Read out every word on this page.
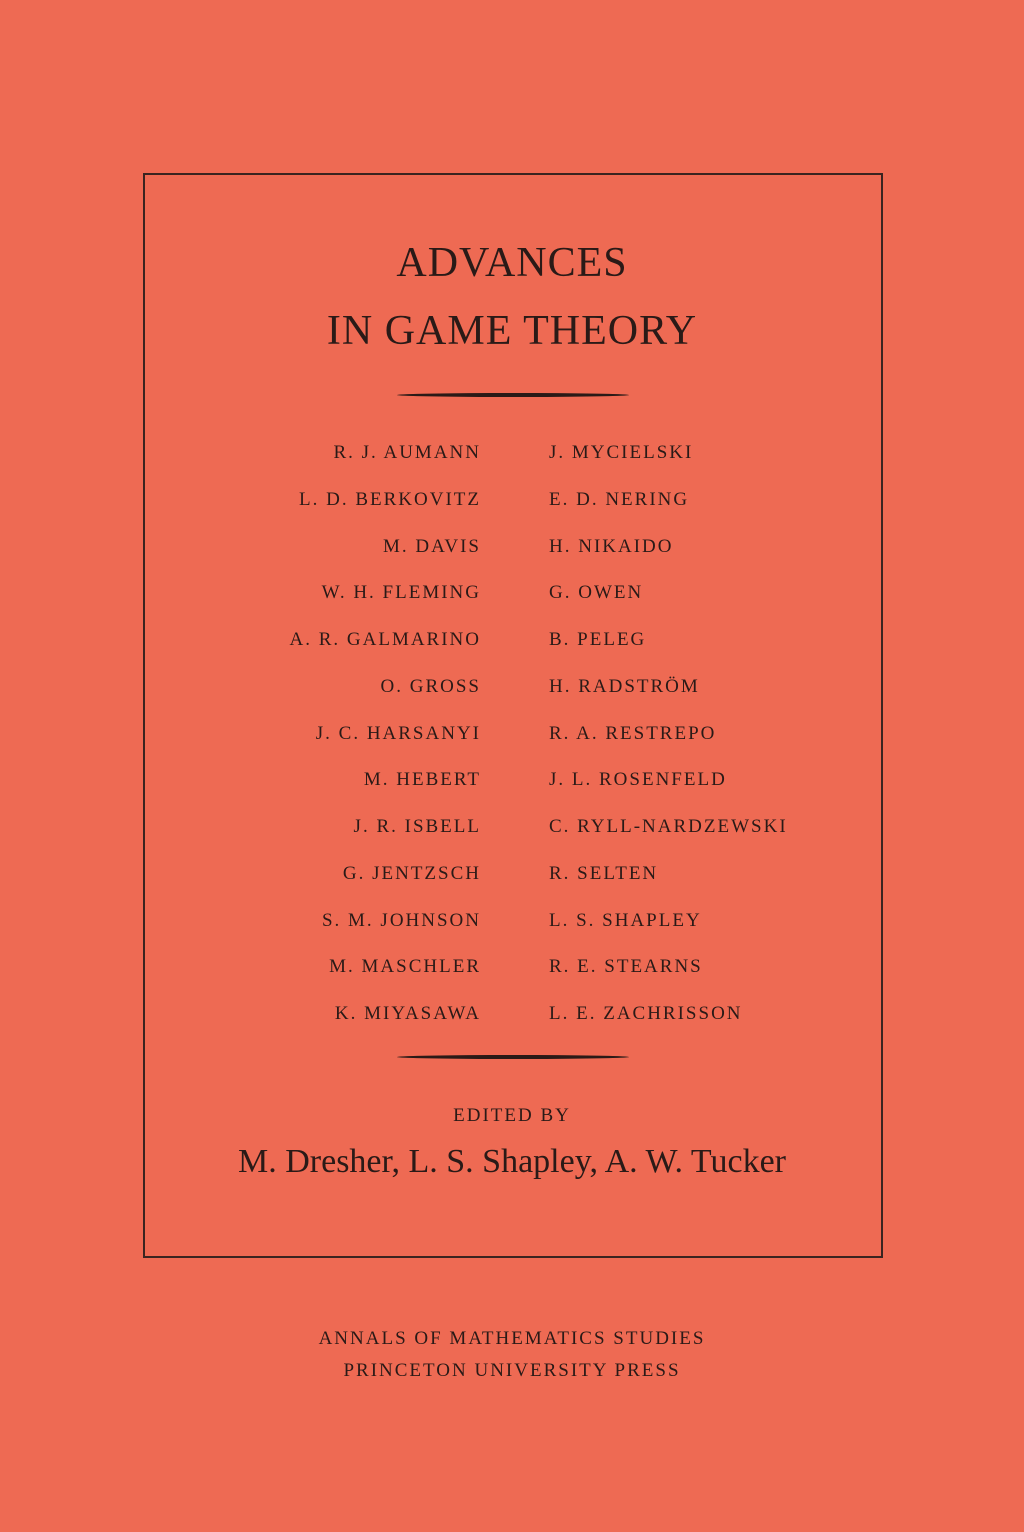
ADVANCES
IN GAME THEORY
R. J. AUMANN
L. D. BERKOVITZ
M. DAVIS
W. H. FLEMING
A. R. GALMARINO
O. GROSS
J. C. HARSANYI
M. HEBERT
J. R. ISBELL
G. JENTZSCH
S. M. JOHNSON
M. MASCHLER
K. MIYASAWA
J. MYCIELSKI
E. D. NERING
H. NIKAIDO
G. OWEN
B. PELEG
H. RADSTRÖM
R. A. RESTREPO
J. L. ROSENFELD
C. RYLL-NARDZEWSKI
R. SELTEN
L. S. SHAPLEY
R. E. STEARNS
L. E. ZACHRISSON
EDITED BY
M. Dresher, L. S. Shapley, A. W. Tucker
ANNALS OF MATHEMATICS STUDIES
PRINCETON UNIVERSITY PRESS
